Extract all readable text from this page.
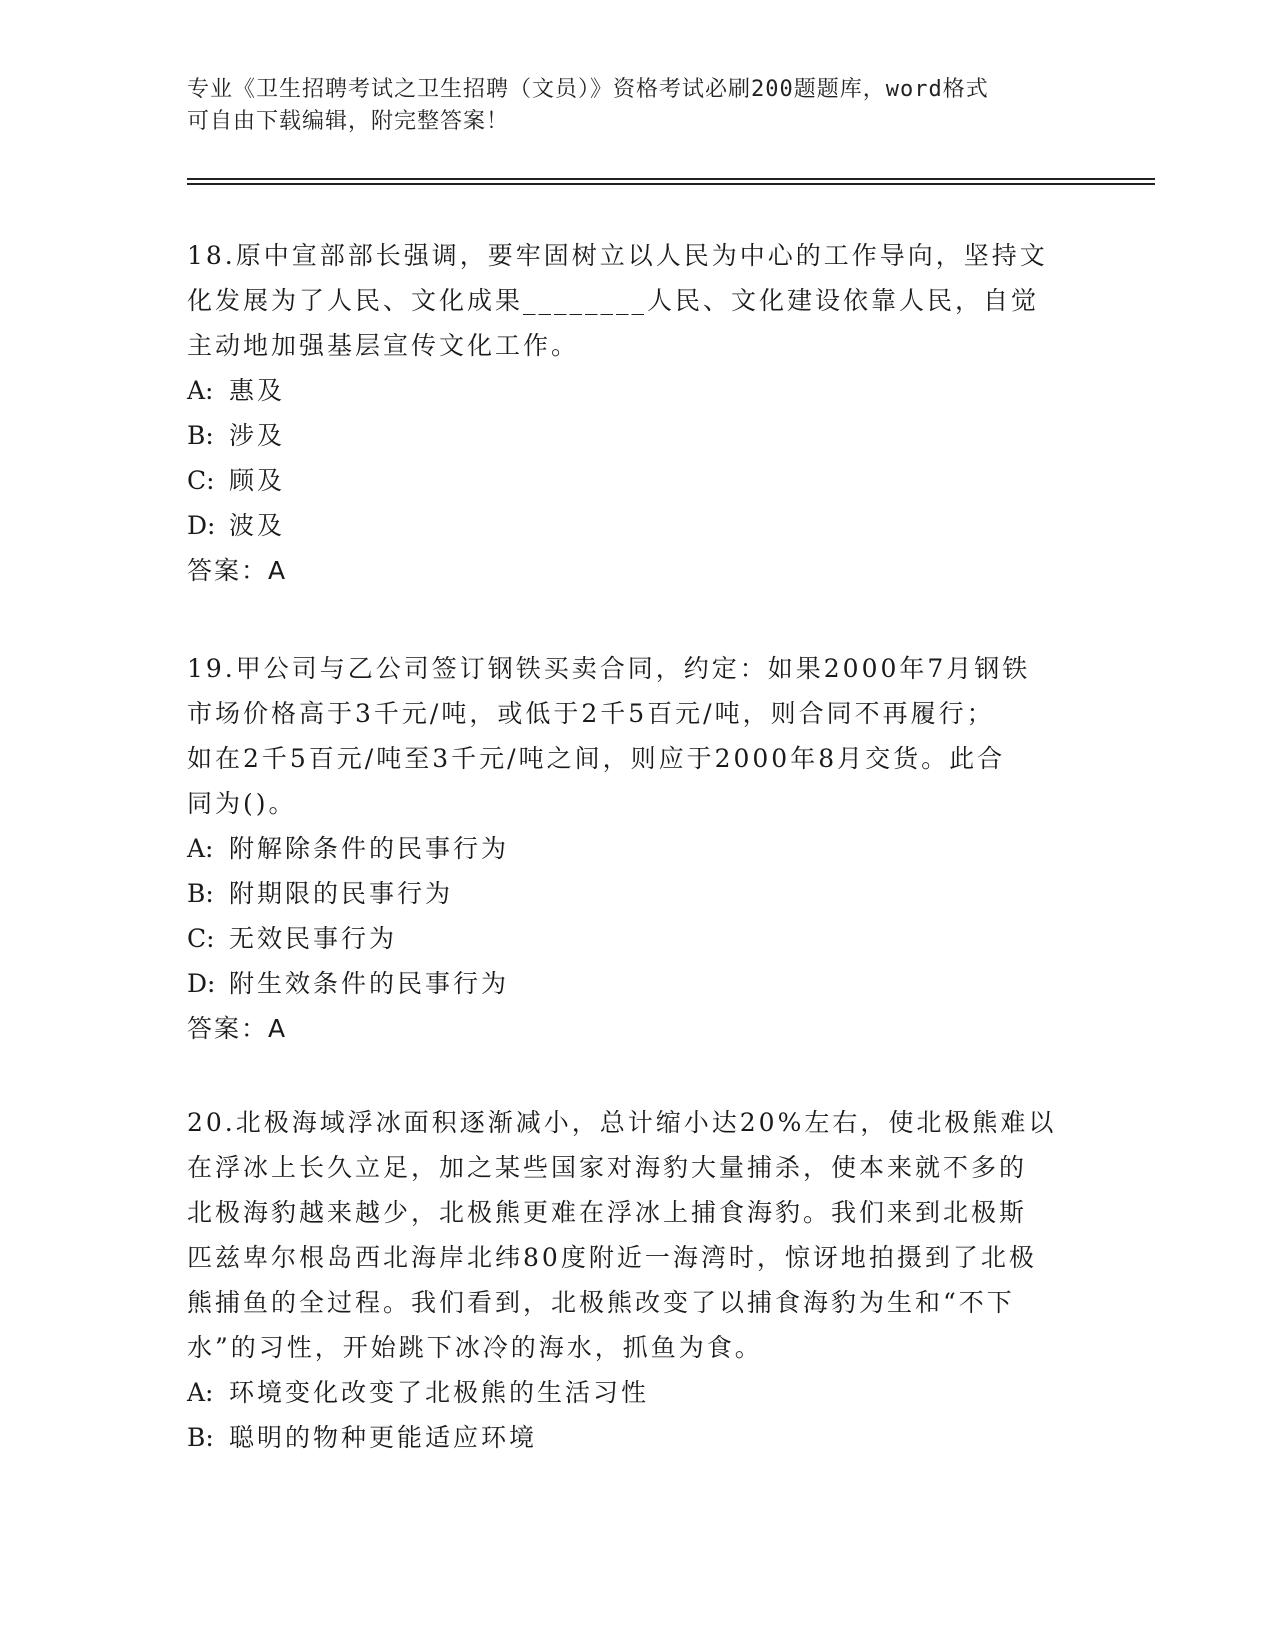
专业《卫生招聘考试之卫生招聘（文员）》资格考试必刷200题题库，word格式
可自由下载编辑，附完整答案！
18.原中宣部部长强调，要牢固树立以人民为中心的工作导向，坚持文
化发展为了人民、文化成果________人民、文化建设依靠人民，自觉
主动地加强基层宣传文化工作。
A: 惠及
B: 涉及
C: 顾及
D: 波及
答案：A
19.甲公司与乙公司签订钢铁买卖合同，约定：如果2000年7月钢铁
市场价格高于3千元/吨，或低于2千5百元/吨，则合同不再履行；
如在2千5百元/吨至3千元/吨之间，则应于2000年8月交货。此合
同为()。
A: 附解除条件的民事行为
B: 附期限的民事行为
C: 无效民事行为
D: 附生效条件的民事行为
答案：A
20.北极海域浮冰面积逐渐减小，总计缩小达20%左右，使北极熊难以
在浮冰上长久立足，加之某些国家对海豹大量捕杀，使本来就不多的
北极海豹越来越少，北极熊更难在浮冰上捕食海豹。我们来到北极斯
匹兹卑尔根岛西北海岸北纬80度附近一海湾时，惊讶地拍摄到了北极
熊捕鱼的全过程。我们看到，北极熊改变了以捕食海豹为生和“不下
水”的习性，开始跳下冰冷的海水，抓鱼为食。
A: 环境变化改变了北极熊的生活习性
B: 聪明的物种更能适应环境
